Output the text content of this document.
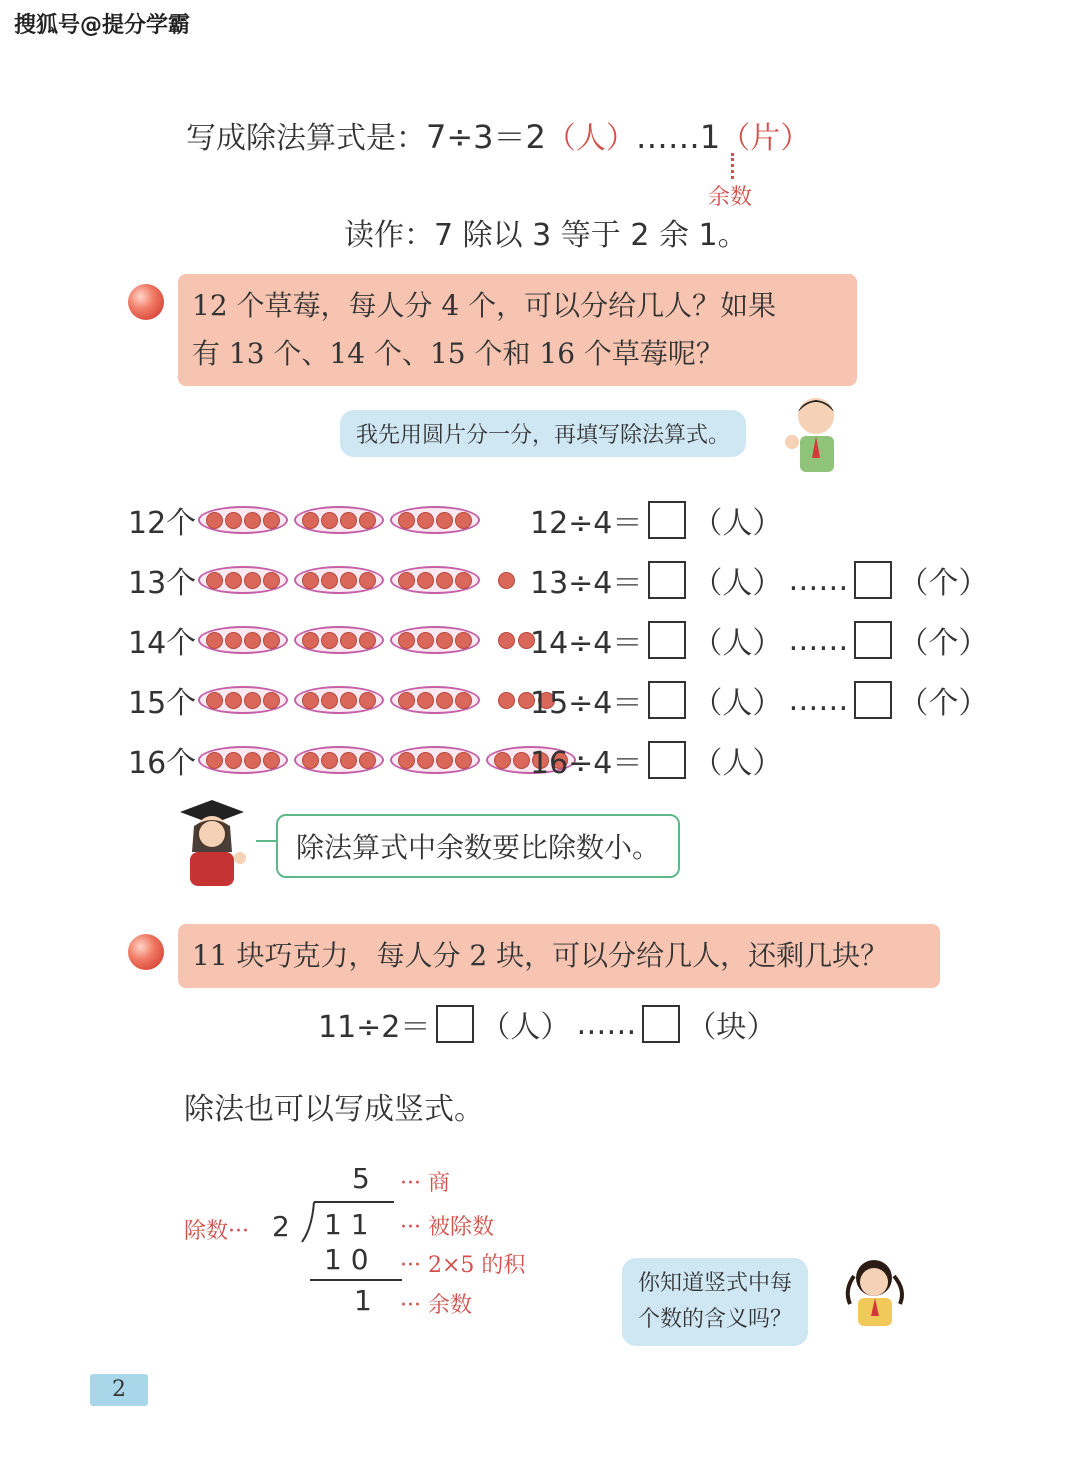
搜狐号@提分学霸
写成除法算式是：7÷3＝2（人）……1（片）
余数
读作：7 除以 3 等于 2 余 1。
12 个草莓，每人分 4 个，可以分给几人？如果
有 13 个、14 个、15 个和 16 个草莓呢？
我先用圆片分一分，再填写除法算式。
12个	12÷4＝ （人）
13个	13÷4＝ （人） …… （个）
14个	14÷4＝ （人） …… （个）
15个	15÷4＝ （人） …… （个）
16个	16÷4＝ （人）
除法算式中余数要比除数小。
11 块巧克力，每人分 2 块，可以分给几人，还剩几块？
11÷2＝ （人） …… （块）
除法也可以写成竖式。
5 ··· 商
除数··· 2 1 1 ··· 被除数
1 0 ··· 2×5 的积
1 ··· 余数
你知道竖式中每
个数的含义吗？
2
